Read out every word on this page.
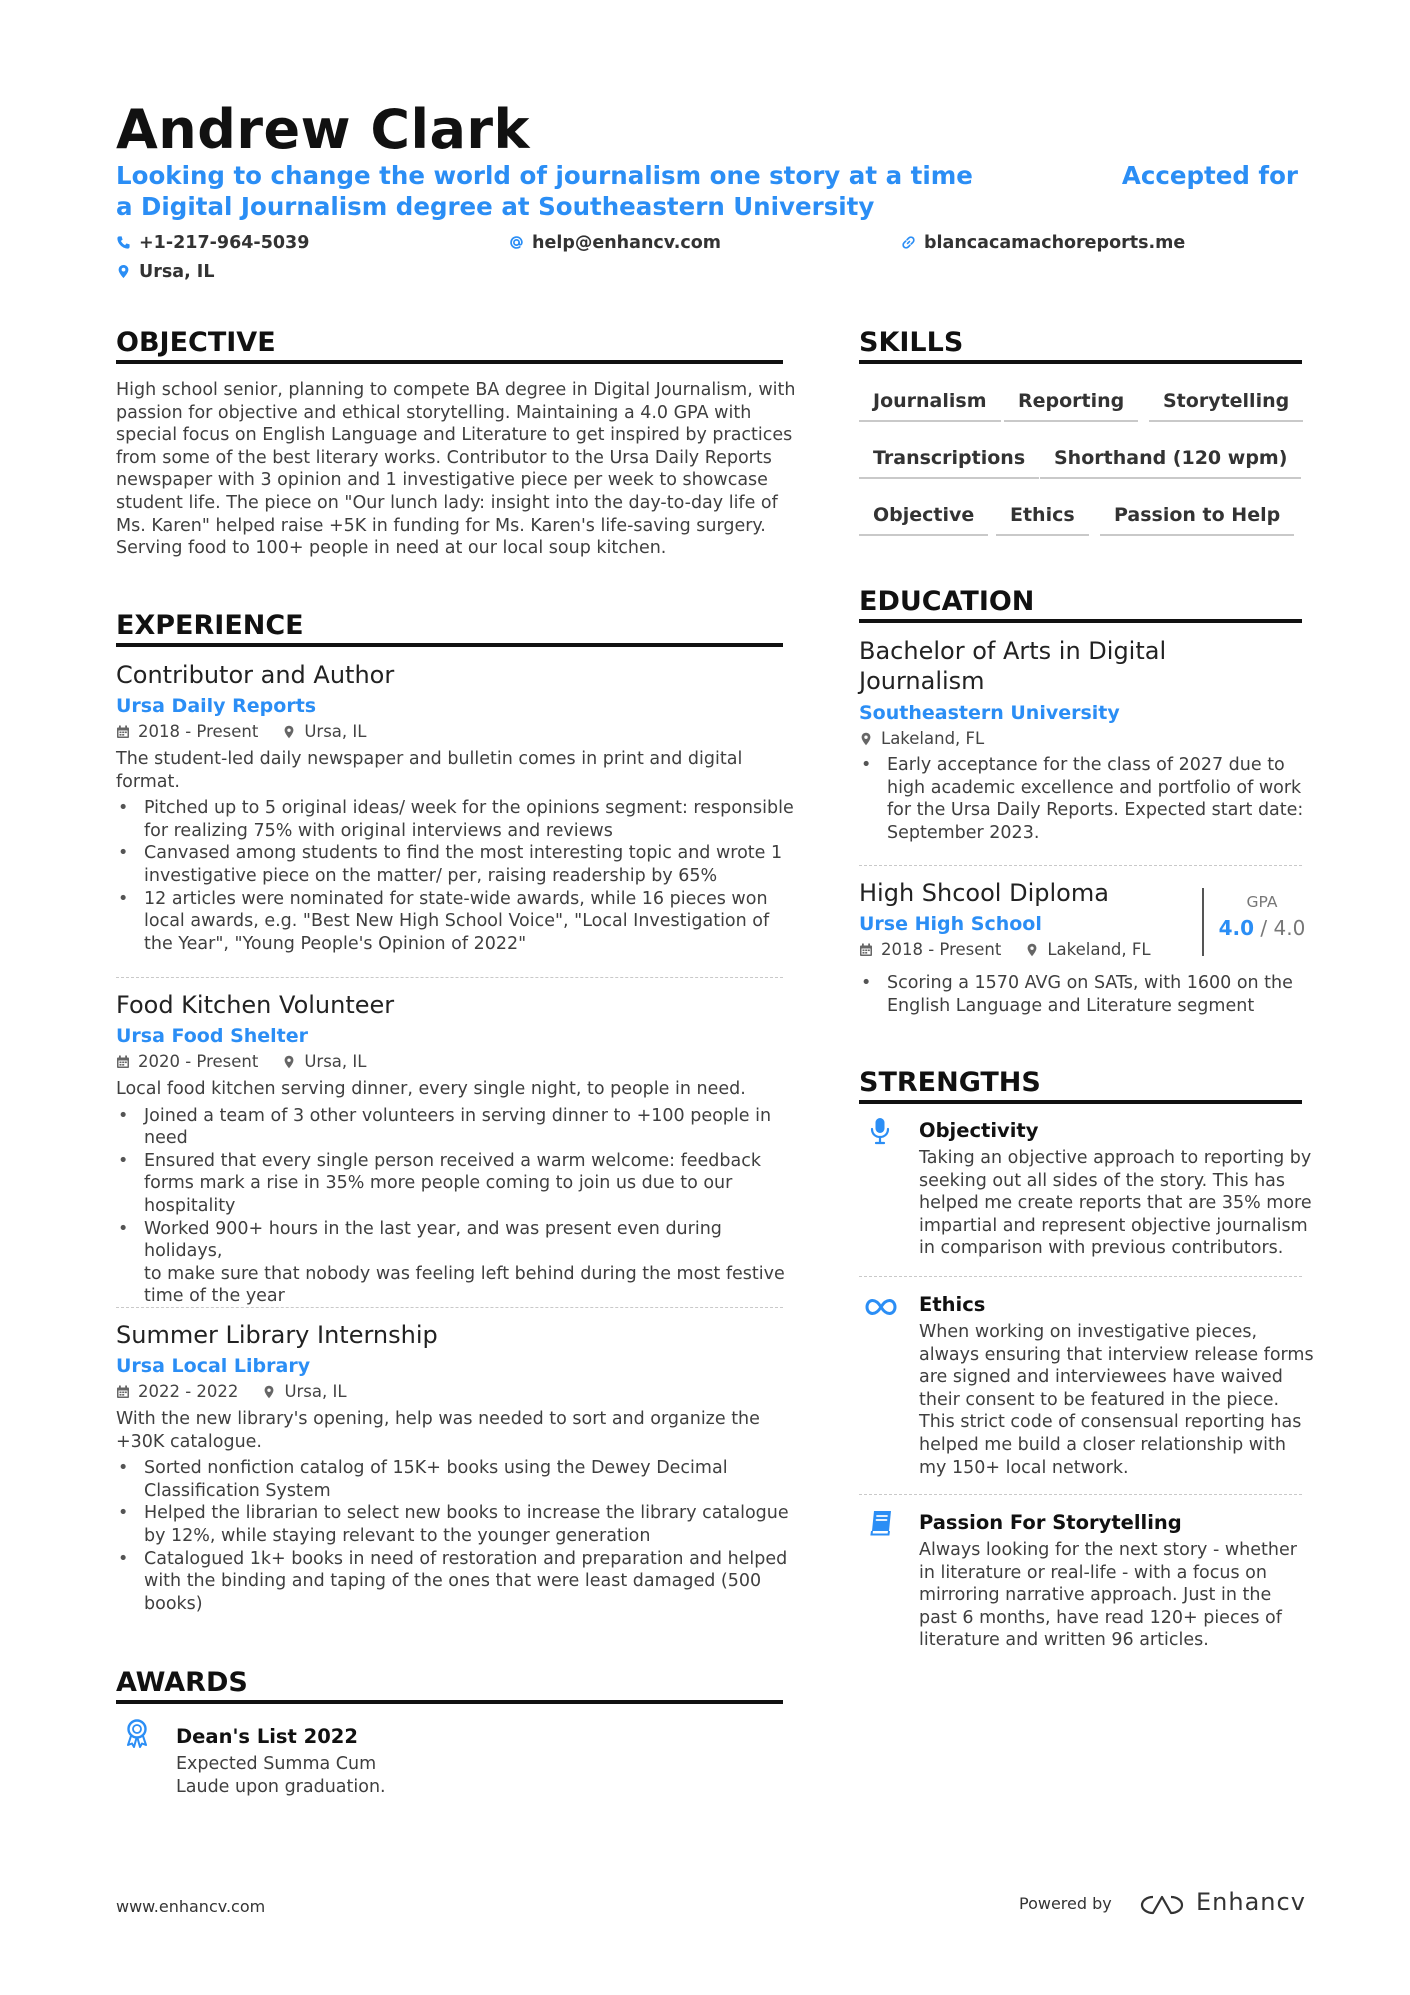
Andrew Clark
Looking to change the world of journalism one story at a time
a Digital Journalism degree at Southeastern University
Accepted for
+1-217-964-5039	help@enhancv.com	blancacamachoreports.me
Ursa, IL
OBJECTIVE
High school senior, planning to compete BA degree in Digital Journalism, with
passion for objective and ethical storytelling. Maintaining a 4.0 GPA with
special focus on English Language and Literature to get inspired by practices
from some of the best literary works. Contributor to the Ursa Daily Reports
newspaper with 3 opinion and 1 investigative piece per week to showcase
student life. The piece on "Our lunch lady: insight into the day-to-day life of
Ms. Karen" helped raise +5K in funding for Ms. Karen's life-saving surgery.
Serving food to 100+ people in need at our local soup kitchen.
EXPERIENCE

Contributor and Author

Ursa Daily Reports

2018 - Present	Ursa, IL
The student-led daily newspaper and bulletin comes in print and digital
format.
• Pitched up to 5 original ideas/ week for the opinions segment: responsible
for realizing 75% with original interviews and reviews
• Canvased among students to find the most interesting topic and wrote 1
investigative piece on the matter/ per, raising readership by 65%
• 12 articles were nominated for state-wide awards, while 16 pieces won
local awards, e.g. "Best New High School Voice", "Local Investigation of
the Year", "Young People's Opinion of 2022"

Food Kitchen Volunteer

Ursa Food Shelter

2020 - Present	Ursa, IL
Local food kitchen serving dinner, every single night, to people in need.
• Joined a team of 3 other volunteers in serving dinner to +100 people in
need
• Ensured that every single person received a warm welcome: feedback
forms mark a rise in 35% more people coming to join us due to our
hospitality
• Worked 900+ hours in the last year, and was present even during holidays,
to make sure that nobody was feeling left behind during the most festive
time of the year

Summer Library Internship

Ursa Local Library

2022 - 2022	Ursa, IL
With the new library's opening, help was needed to sort and organize the
+30K catalogue.
• Sorted nonfiction catalog of 15K+ books using the Dewey Decimal
Classification System
• Helped the librarian to select new books to increase the library catalogue
by 12%, while staying relevant to the younger generation
• Catalogued 1k+ books in need of restoration and preparation and helped
with the binding and taping of the ones that were least damaged (500
books)
AWARDS

Dean's List 2022

Expected Summa Cum
Laude upon graduation.
SKILLS
Journalism	Reporting	Storytelling
Transcriptions	Shorthand (120 wpm)
Objective	Ethics	Passion to Help
EDUCATION
Bachelor of Arts in Digital
Journalism

Southeastern University

Lakeland, FL
• Early acceptance for the class of 2027 due to
high academic excellence and portfolio of work
for the Ursa Daily Reports. Expected start date:
September 2023.

High Shcool Diploma

Urse High School

2018 - Present	Lakeland, FL
GPA
4.0 / 4.0
• Scoring a 1570 AVG on SATs, with 1600 on the
English Language and Literature segment
STRENGTHS

Objectivity

Taking an objective approach to reporting by
seeking out all sides of the story. This has
helped me create reports that are 35% more
impartial and represent objective journalism
in comparison with previous contributors.

Ethics

When working on investigative pieces,
always ensuring that interview release forms
are signed and interviewees have waived
their consent to be featured in the piece.
This strict code of consensual reporting has
helped me build a closer relationship with
my 150+ local network.

Passion For Storytelling

Always looking for the next story - whether
in literature or real-life - with a focus on
mirroring narrative approach. Just in the
past 6 months, have read 120+ pieces of
literature and written 96 articles.
www.enhancv.com	Powered by	Enhancv
